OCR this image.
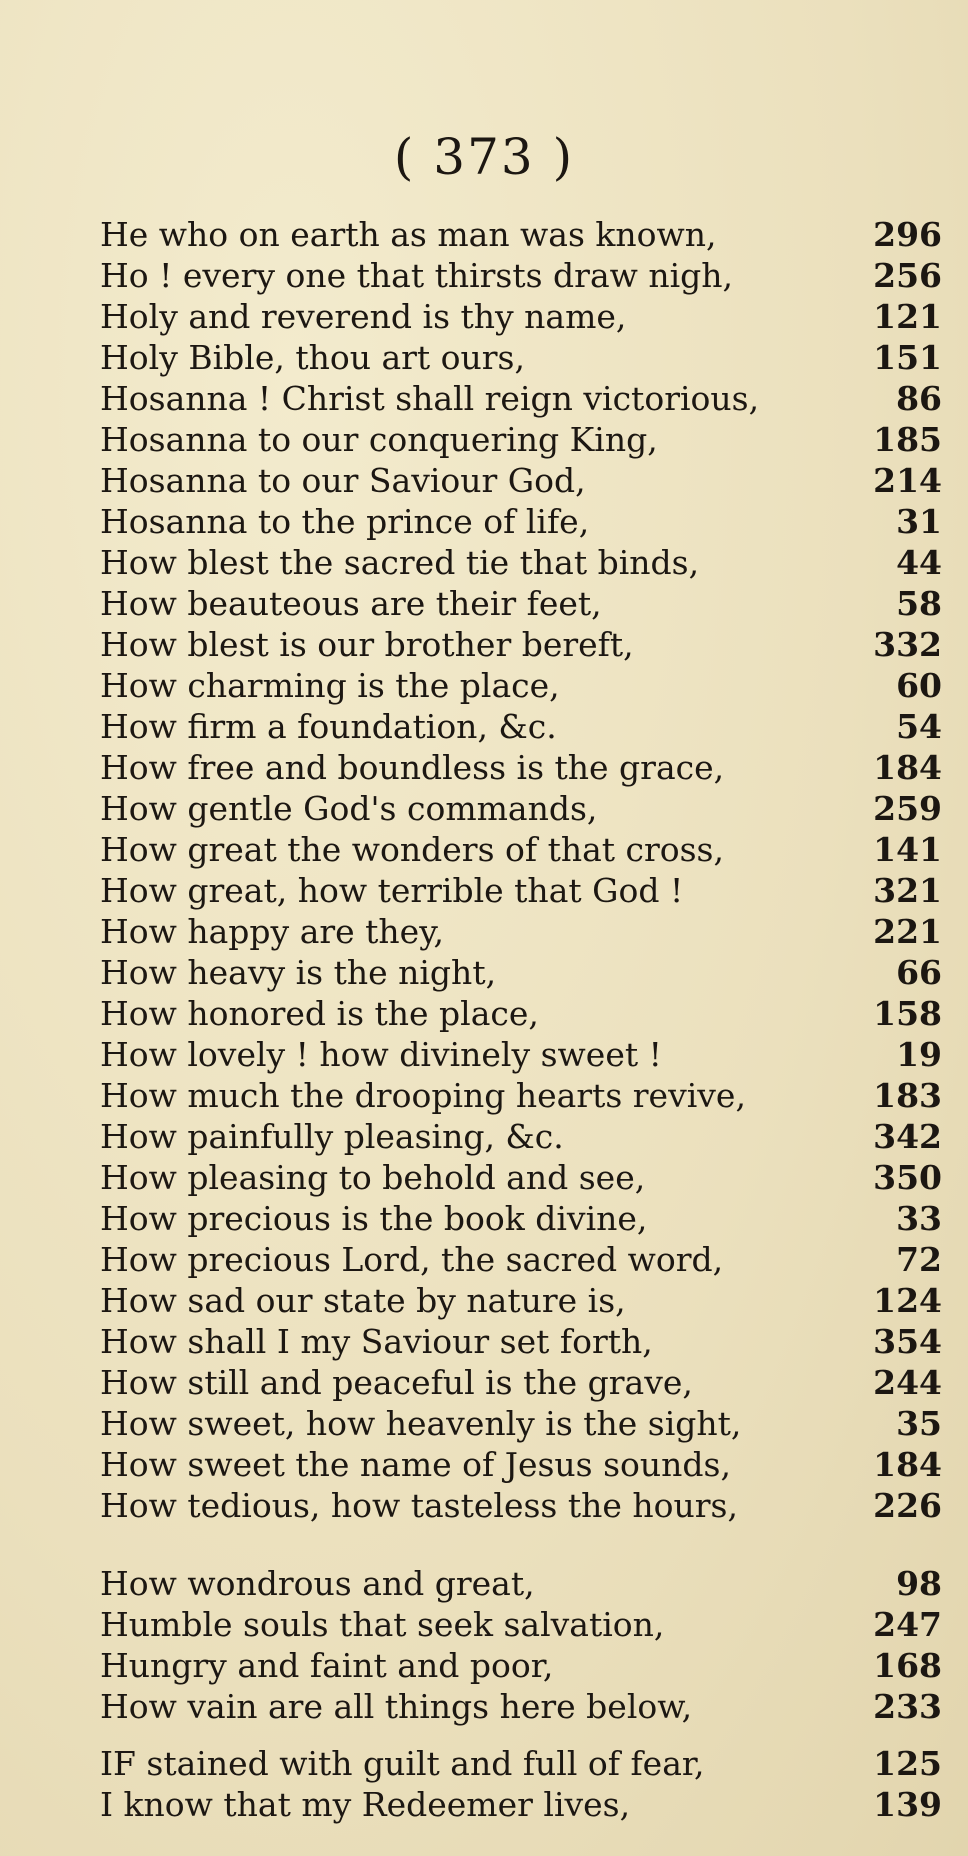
( 373 )
He who on earth as man was known,	296
Ho ! every one that thirsts draw nigh,	256
Holy and reverend is thy name,	121
Holy Bible, thou art ours,	151
Hosanna ! Christ shall reign victorious,	86
Hosanna to our conquering King,	185
Hosanna to our Saviour God,	214
Hosanna to the prince of life,	31
How blest the sacred tie that binds,	44
How beauteous are their feet,	58
How blest is our brother bereft,	332
How charming is the place,	60
How firm a foundation, &c.	54
How free and boundless is the grace,	184
How gentle God's commands,	259
How great the wonders of that cross,	141
How great, how terrible that God !	321
How happy are they,	221
How heavy is the night,	66
How honored is the place,	158
How lovely ! how divinely sweet !	19
How much the drooping hearts revive,	183
How painfully pleasing, &c.	342
How pleasing to behold and see,	350
How precious is the book divine,	33
How precious Lord, the sacred word,	72
How sad our state by nature is,	124
How shall I my Saviour set forth,	354
How still and peaceful is the grave,	244
How sweet, how heavenly is the sight,	35
How sweet the name of Jesus sounds,	184
How tedious, how tasteless the hours,	226
How wondrous and great,	98
Humble souls that seek salvation,	247
Hungry and faint and poor,	168
How vain are all things here below,	233
IF stained with guilt and full of fear,	125
I know that my Redeemer lives,	139
